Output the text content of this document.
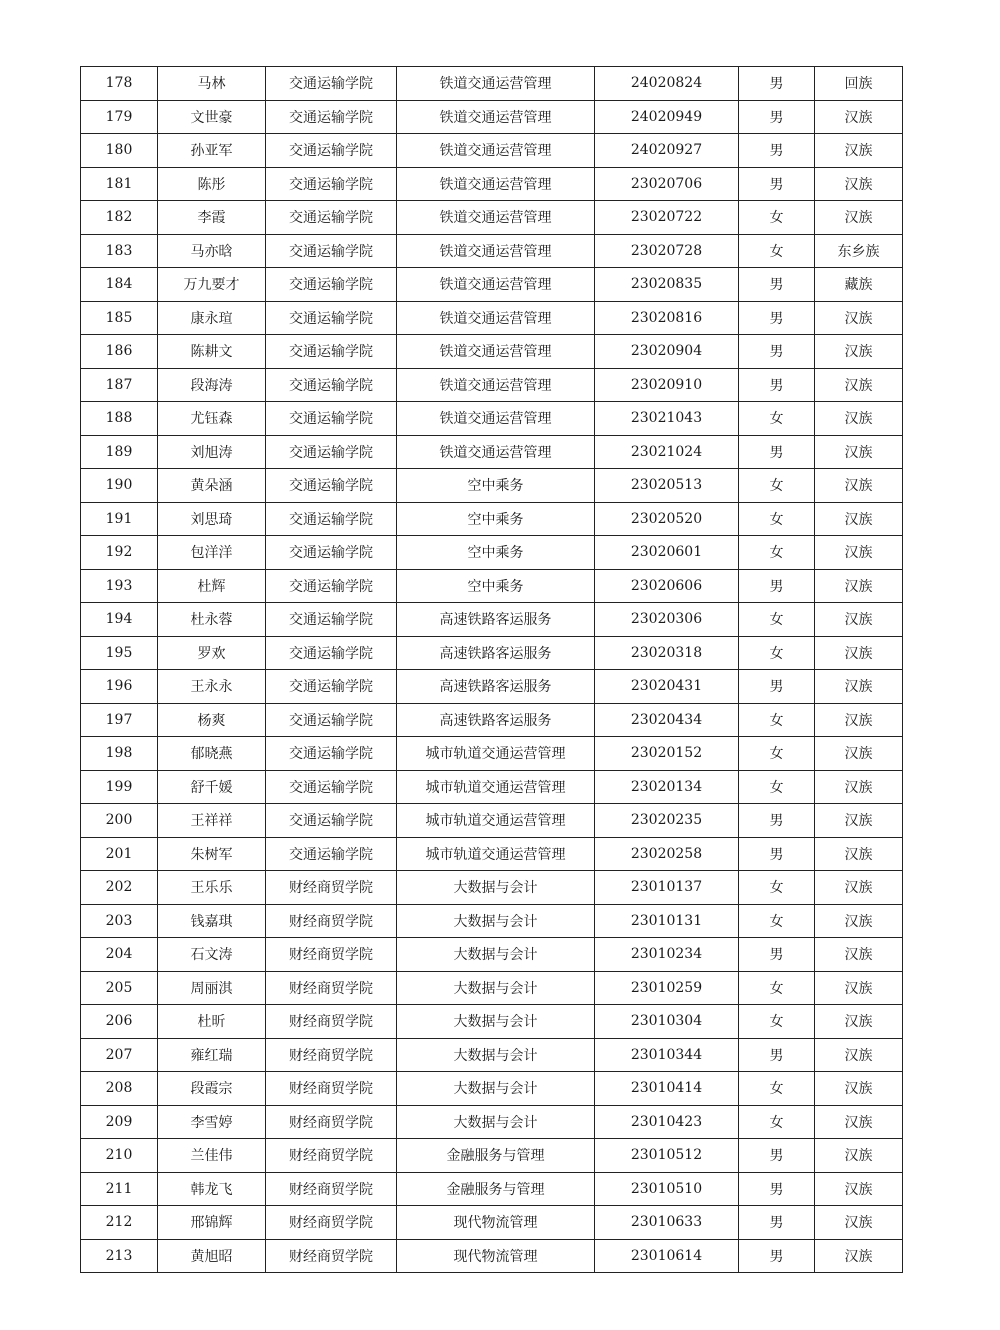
178	马林	交通运输学院	铁道交通运营管理	24020824	男	回族
179	文世豪	交通运输学院	铁道交通运营管理	24020949	男	汉族
180	孙亚军	交通运输学院	铁道交通运营管理	24020927	男	汉族
181	陈彤	交通运输学院	铁道交通运营管理	23020706	男	汉族
182	李霞	交通运输学院	铁道交通运营管理	23020722	女	汉族
183	马亦晗	交通运输学院	铁道交通运营管理	23020728	女	东乡族
184	万九要才	交通运输学院	铁道交通运营管理	23020835	男	藏族
185	康永瑄	交通运输学院	铁道交通运营管理	23020816	男	汉族
186	陈耕文	交通运输学院	铁道交通运营管理	23020904	男	汉族
187	段海涛	交通运输学院	铁道交通运营管理	23020910	男	汉族
188	尤钰森	交通运输学院	铁道交通运营管理	23021043	女	汉族
189	刘旭涛	交通运输学院	铁道交通运营管理	23021024	男	汉族
190	黄朵涵	交通运输学院	空中乘务	23020513	女	汉族
191	刘思琦	交通运输学院	空中乘务	23020520	女	汉族
192	包洋洋	交通运输学院	空中乘务	23020601	女	汉族
193	杜辉	交通运输学院	空中乘务	23020606	男	汉族
194	杜永蓉	交通运输学院	高速铁路客运服务	23020306	女	汉族
195	罗欢	交通运输学院	高速铁路客运服务	23020318	女	汉族
196	王永永	交通运输学院	高速铁路客运服务	23020431	男	汉族
197	杨爽	交通运输学院	高速铁路客运服务	23020434	女	汉族
198	郁晓燕	交通运输学院	城市轨道交通运营管理	23020152	女	汉族
199	舒千媛	交通运输学院	城市轨道交通运营管理	23020134	女	汉族
200	王祥祥	交通运输学院	城市轨道交通运营管理	23020235	男	汉族
201	朱树军	交通运输学院	城市轨道交通运营管理	23020258	男	汉族
202	王乐乐	财经商贸学院	大数据与会计	23010137	女	汉族
203	钱嘉琪	财经商贸学院	大数据与会计	23010131	女	汉族
204	石文涛	财经商贸学院	大数据与会计	23010234	男	汉族
205	周丽淇	财经商贸学院	大数据与会计	23010259	女	汉族
206	杜昕	财经商贸学院	大数据与会计	23010304	女	汉族
207	雍红瑞	财经商贸学院	大数据与会计	23010344	男	汉族
208	段霞宗	财经商贸学院	大数据与会计	23010414	女	汉族
209	李雪婷	财经商贸学院	大数据与会计	23010423	女	汉族
210	兰佳伟	财经商贸学院	金融服务与管理	23010512	男	汉族
211	韩龙飞	财经商贸学院	金融服务与管理	23010510	男	汉族
212	邢锦辉	财经商贸学院	现代物流管理	23010633	男	汉族
213	黄旭昭	财经商贸学院	现代物流管理	23010614	男	汉族
